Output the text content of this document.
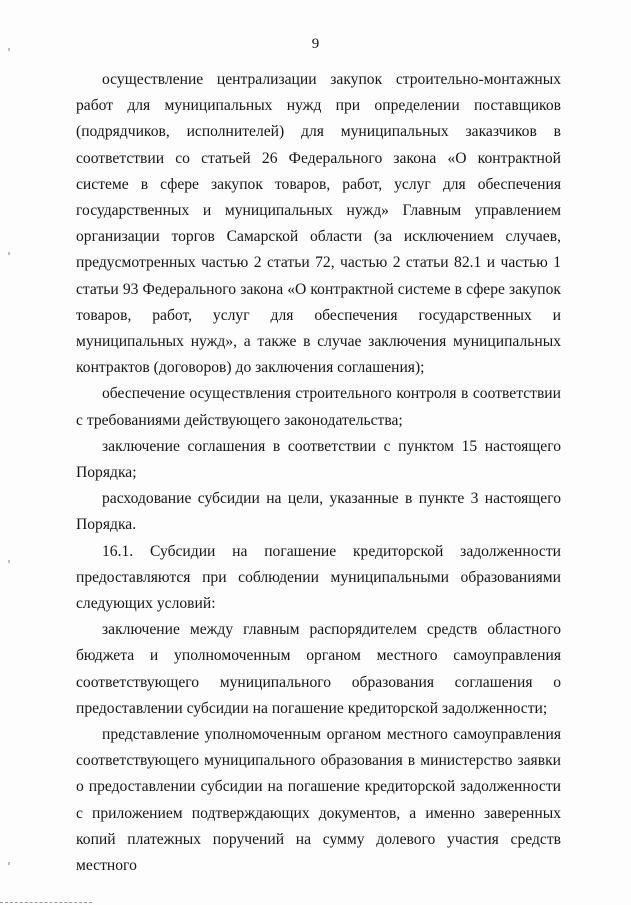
9

осуществление централизации закупок строительно-монтажных работ для муниципальных нужд при определении поставщиков (подрядчиков, исполнителей) для муниципальных заказчиков в соответствии со статьей 26 Федерального закона «О контрактной системе в сфере закупок товаров, работ, услуг для обеспечения государственных и муниципальных нужд» Главным управлением организации торгов Самарской области (за исключением случаев, предусмотренных частью 2 статьи 72, частью 2 статьи 82.1 и частью 1 статьи 93 Федерального закона «О контрактной системе в сфере закупок товаров, работ, услуг для обеспечения государственных и муниципальных нужд», а также в случае заключения муниципальных контрактов (договоров) до заключения соглашения);

обеспечение осуществления строительного контроля в соответствии с требованиями действующего законодательства;

заключение соглашения в соответствии с пунктом 15 настоящего Порядка;

расходование субсидии на цели, указанные в пункте 3 настоящего Порядка.

16.1. Субсидии на погашение кредиторской задолженности предоставляются при соблюдении муниципальными образованиями следующих условий:

заключение между главным распорядителем средств областного бюджета и уполномоченным органом местного самоуправления соответствующего муниципального образования соглашения о предоставлении субсидии на погашение кредиторской задолженности;

представление уполномоченным органом местного самоуправления соответствующего муниципального образования в министерство заявки о предоставлении субсидии на погашение кредиторской задолженности с приложением подтверждающих документов, а именно заверенных копий платежных поручений на сумму долевого участия средств местного
